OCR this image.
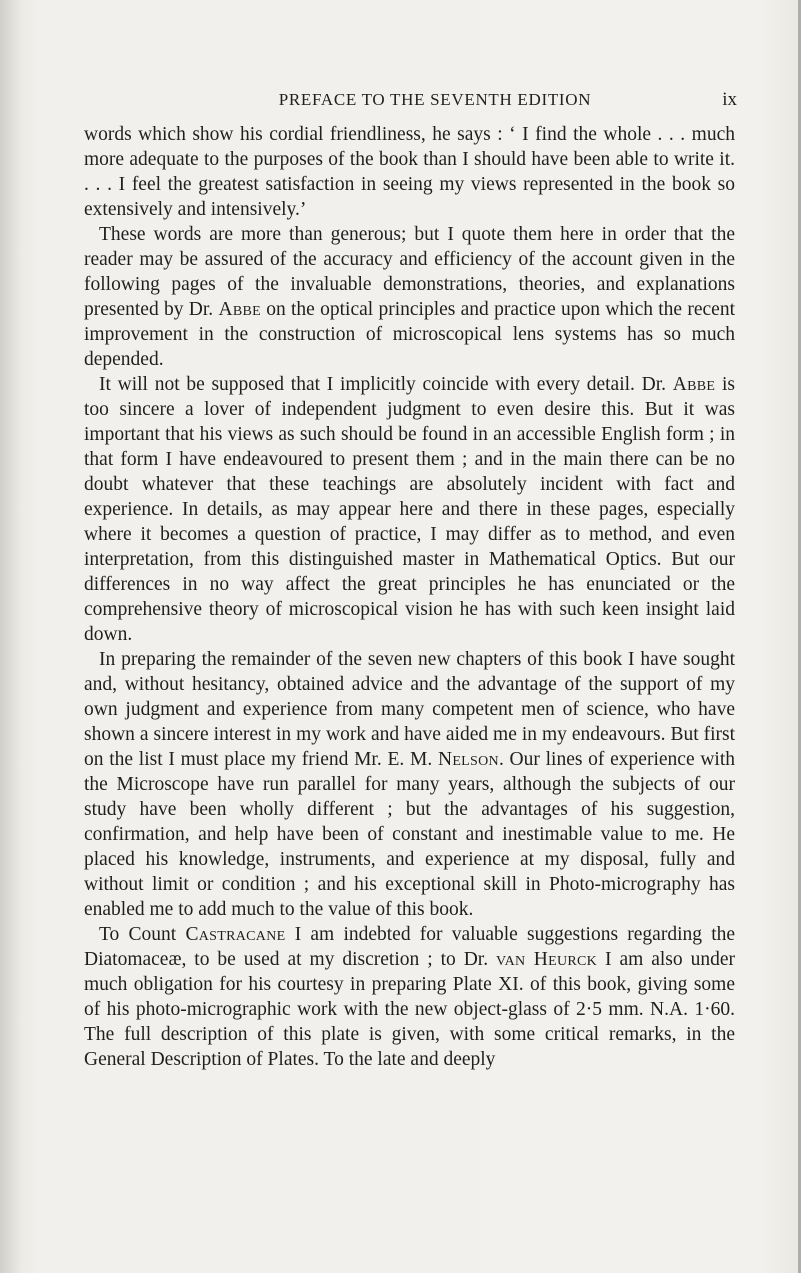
PREFACE TO THE SEVENTH EDITION	ix

words which show his cordial friendliness, he says : ‘ I find the whole . . . much more adequate to the purposes of the book than I should have been able to write it. . . . I feel the greatest satisfaction in seeing my views represented in the book so extensively and intensively.’

These words are more than generous; but I quote them here in order that the reader may be assured of the accuracy and efficiency of the account given in the following pages of the invaluable demonstrations, theories, and explanations presented by Dr. Abbe on the optical principles and practice upon which the recent improvement in the construction of microscopical lens systems has so much depended.

It will not be supposed that I implicitly coincide with every detail. Dr. Abbe is too sincere a lover of independent judgment to even desire this. But it was important that his views as such should be found in an accessible English form ; in that form I have endeavoured to present them ; and in the main there can be no doubt whatever that these teachings are absolutely incident with fact and experience. In details, as may appear here and there in these pages, especially where it becomes a question of practice, I may differ as to method, and even interpretation, from this distinguished master in Mathematical Optics. But our differences in no way affect the great principles he has enunciated or the comprehensive theory of microscopical vision he has with such keen insight laid down.

In preparing the remainder of the seven new chapters of this book I have sought and, without hesitancy, obtained advice and the advantage of the support of my own judgment and experience from many competent men of science, who have shown a sincere interest in my work and have aided me in my endeavours. But first on the list I must place my friend Mr. E. M. Nelson. Our lines of experience with the Microscope have run parallel for many years, although the subjects of our study have been wholly different ; but the advantages of his suggestion, confirmation, and help have been of constant and inestimable value to me. He placed his knowledge, instruments, and experience at my disposal, fully and without limit or condition ; and his exceptional skill in Photo-micrography has enabled me to add much to the value of this book.

To Count Castracane I am indebted for valuable suggestions regarding the Diatomaceæ, to be used at my discretion ; to Dr. van Heurck I am also under much obligation for his courtesy in preparing Plate XI. of this book, giving some of his photo-micrographic work with the new object-glass of 2·5 mm. N.A. 1·60. The full description of this plate is given, with some critical remarks, in the General Description of Plates. To the late and deeply
